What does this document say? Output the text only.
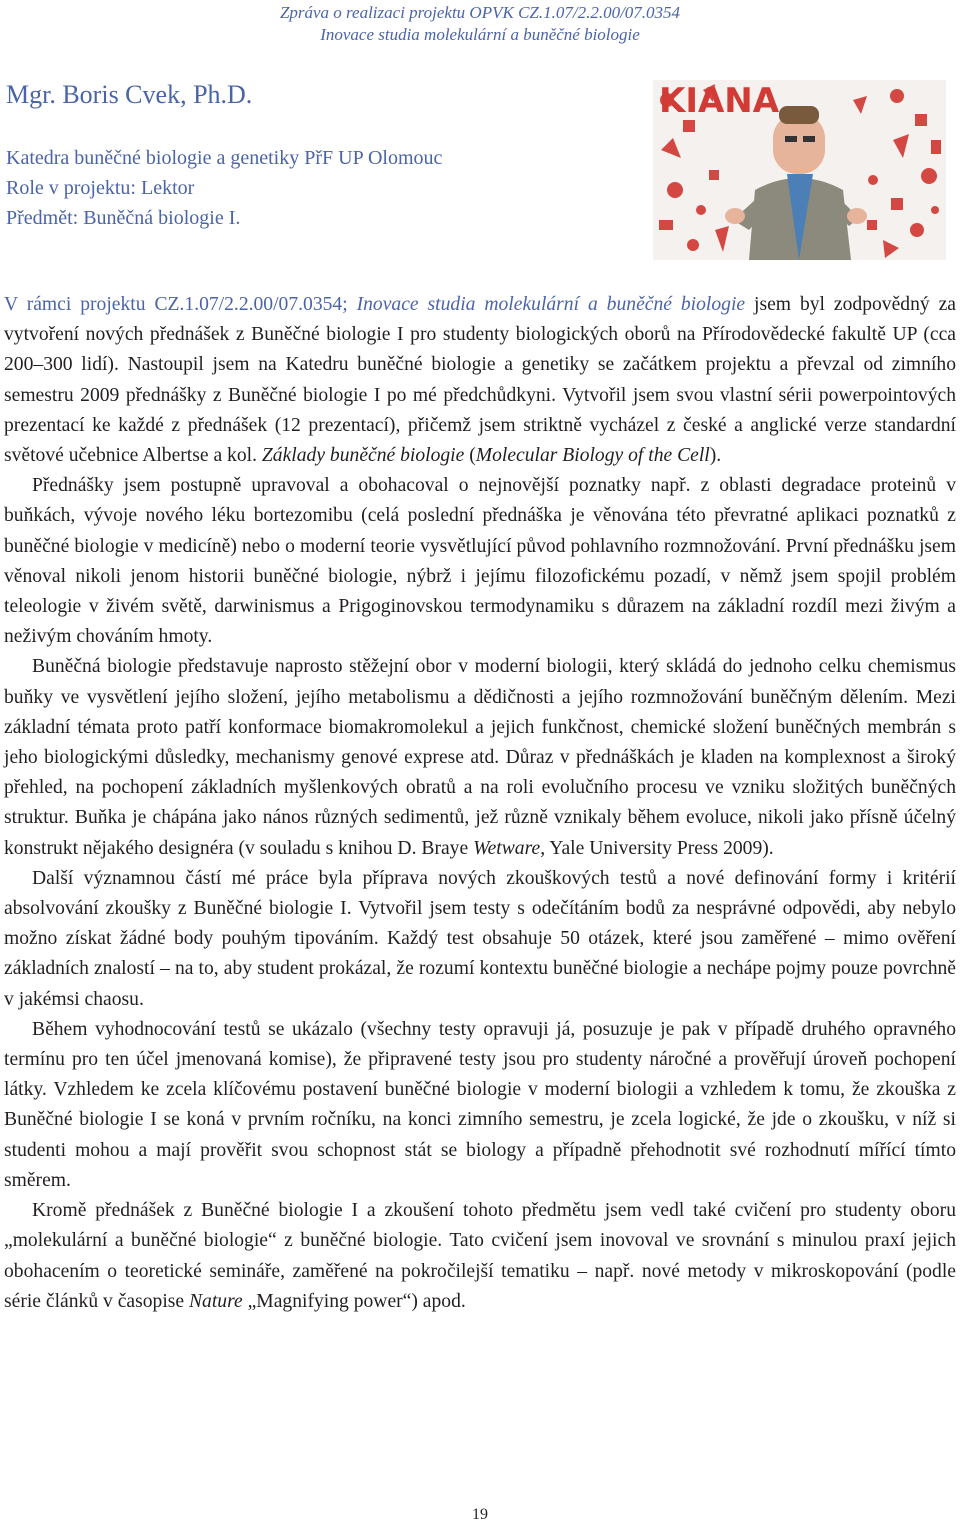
Zpráva o realizaci projektu OPVK CZ.1.07/2.2.00/07.0354
Inovace studia molekulární a buněčné biologie
Mgr. Boris Cvek, Ph.D.
Katedra buněčné biologie a genetiky PřF UP Olomouc
Role v projektu: Lektor
Předmět: Buněčná biologie I.
KIANA

V rámci projektu CZ.1.07/2.2.00/07.0354; Inovace studia molekulární a buněčné biologie jsem byl zodpovědný za vytvoření nových přednášek z Buněčné biologie I pro studenty biologických oborů na Přírodovědecké fakultě UP (cca 200–300 lidí). Nastoupil jsem na Katedru buněčné biologie a genetiky se začátkem projektu a převzal od zimního semestru 2009 přednášky z Buněčné biologie I po mé předchůdkyni. Vytvořil jsem svou vlastní sérii powerpointových prezentací ke každé z přednášek (12 prezentací), přičemž jsem striktně vycházel z české a anglické verze standardní světové učebnice Albertse a kol. Základy buněčné biologie (Molecular Biology of the Cell).

Přednášky jsem postupně upravoval a obohacoval o nejnovější poznatky např. z oblasti degradace proteinů v buňkách, vývoje nového léku bortezomibu (celá poslední přednáška je věnována této převratné aplikaci poznatků z buněčné biologie v medicíně) nebo o moderní teorie vysvětlující původ pohlavního rozmnožování. První přednášku jsem věnoval nikoli jenom historii buněčné biologie, nýbrž i jejímu filozofickému pozadí, v němž jsem spojil problém teleologie v živém světě, darwinismus a Prigoginovskou termodynamiku s důrazem na základní rozdíl mezi živým a neživým chováním hmoty.

Buněčná biologie představuje naprosto stěžejní obor v moderní biologii, který skládá do jednoho celku chemismus buňky ve vysvětlení jejího složení, jejího metabolismu a dědičnosti a jejího rozmnožování buněčným dělením. Mezi základní témata proto patří konformace biomakromolekul a jejich funkčnost, chemické složení buněčných membrán s jeho biologickými důsledky, mechanismy genové exprese atd. Důraz v přednáškách je kladen na komplexnost a široký přehled, na pochopení základních myšlenkových obratů a na roli evolučního procesu ve vzniku složitých buněčných struktur. Buňka je chápána jako nános různých sedimentů, jež různě vznikaly během evoluce, nikoli jako přísně účelný konstrukt nějakého designéra (v souladu s knihou D. Braye Wetware, Yale University Press 2009).

Další významnou částí mé práce byla příprava nových zkouškových testů a nové definování formy i kritérií absolvování zkoušky z Buněčné biologie I. Vytvořil jsem testy s odečítáním bodů za nesprávné odpovědi, aby nebylo možno získat žádné body pouhým tipováním. Každý test obsahuje 50 otázek, které jsou zaměřené – mimo ověření základních znalostí – na to, aby student prokázal, že rozumí kontextu buněčné biologie a nechápe pojmy pouze povrchně v jakémsi chaosu.

Během vyhodnocování testů se ukázalo (všechny testy opravuji já, posuzuje je pak v případě druhého opravného termínu pro ten účel jmenovaná komise), že připravené testy jsou pro studenty náročné a prověřují úroveň pochopení látky. Vzhledem ke zcela klíčovému postavení buněčné biologie v moderní biologii a vzhledem k tomu, že zkouška z Buněčné biologie I se koná v prvním ročníku, na konci zimního semestru, je zcela logické, že jde o zkoušku, v níž si studenti mohou a mají prověřit svou schopnost stát se biology a případně přehodnotit své rozhodnutí mířící tímto směrem.

Kromě přednášek z Buněčné biologie I a zkoušení tohoto předmětu jsem vedl také cvičení pro studenty oboru „molekulární a buněčné biologie“ z buněčné biologie. Tato cvičení jsem inovoval ve srovnání s minulou praxí jejich obohacením o teoretické semináře, zaměřené na pokročilejší tematiku – např. nové metody v mikroskopování (podle série článků v časopise Nature „Magnifying power“) apod.

19
